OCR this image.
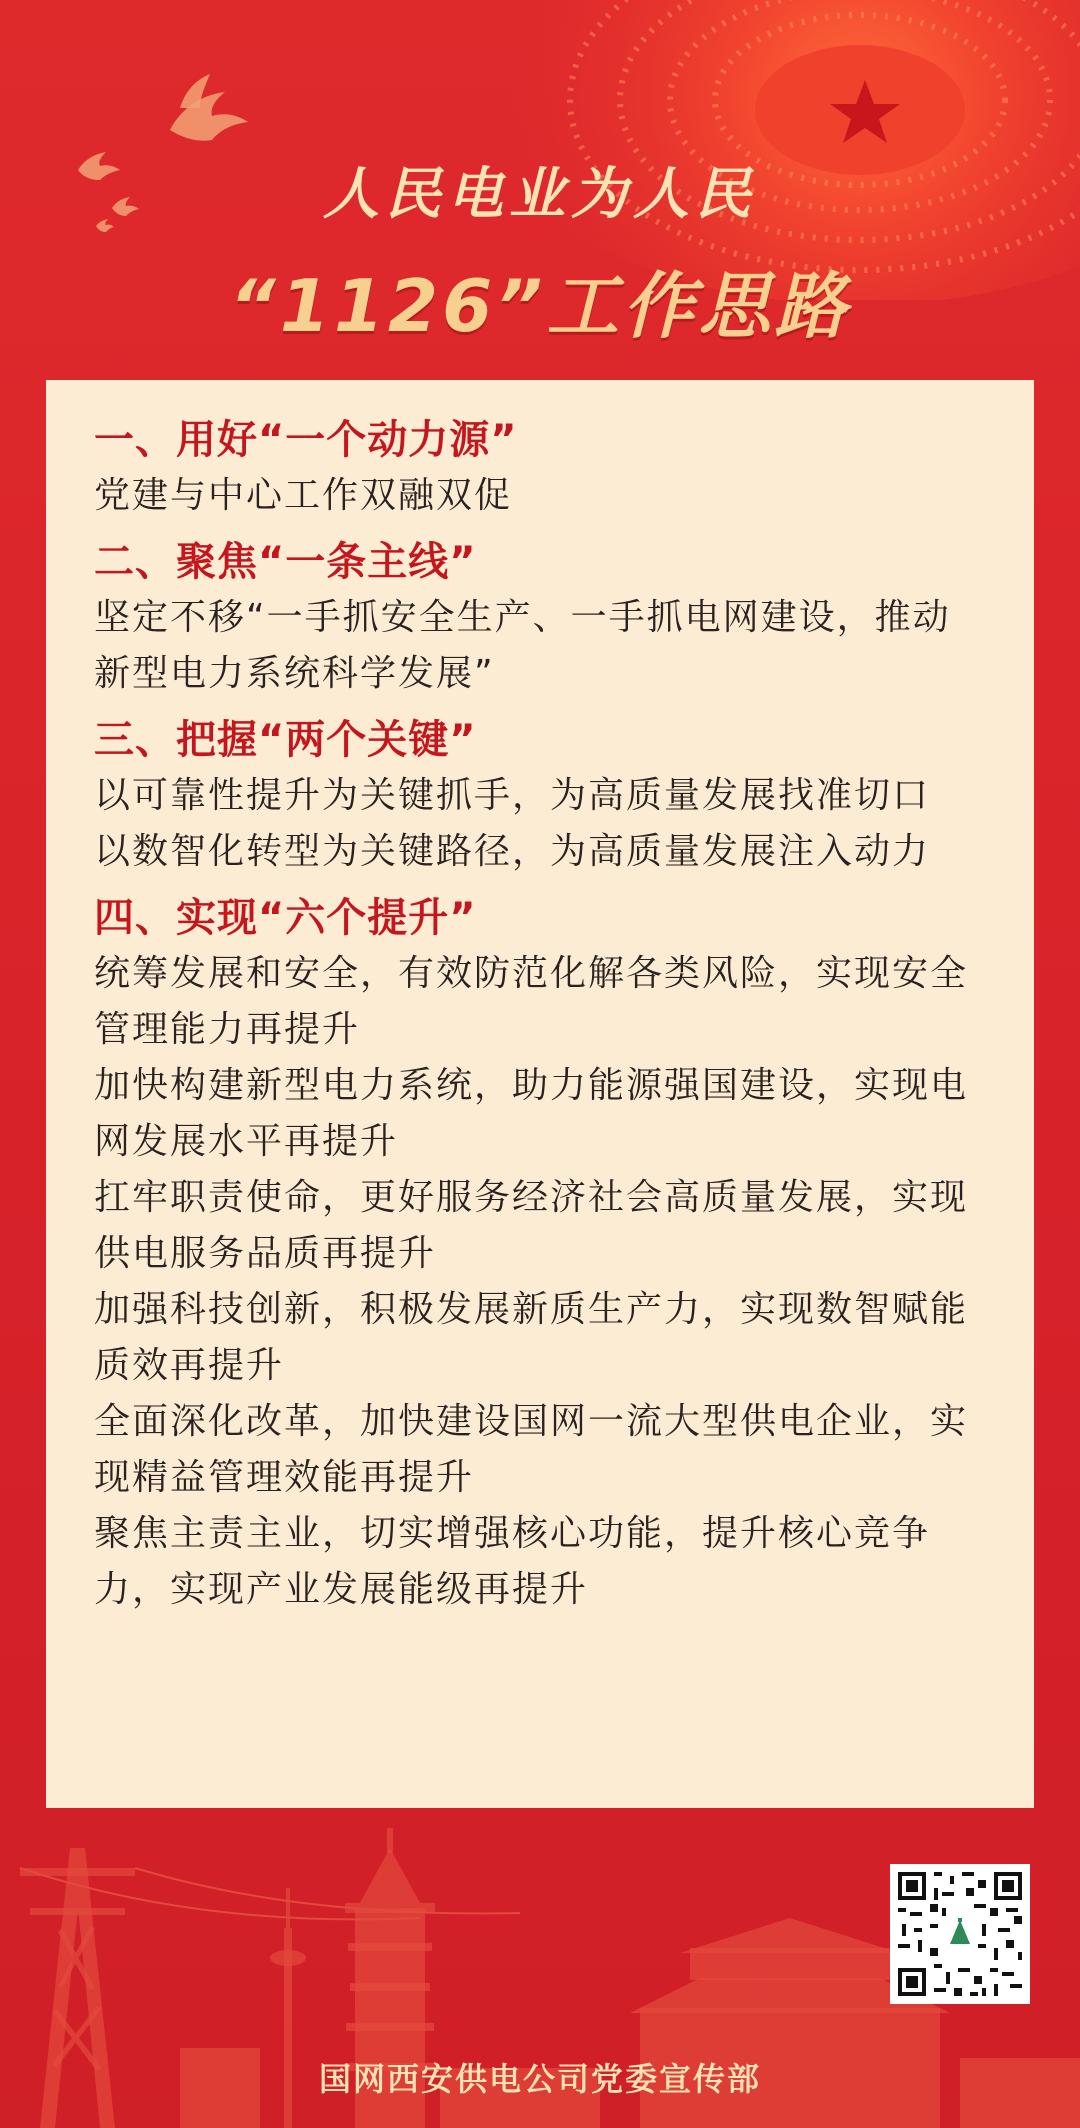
人民电业为人民
“1126”工作思路

一、用好“一个动力源”

党建与中心工作双融双促

二、聚焦“一条主线”

坚定不移“一手抓安全生产、一手抓电网建设，推动新型电力系统科学发展”

三、把握“两个关键”

以可靠性提升为关键抓手，为高质量发展找准切口

以数智化转型为关键路径，为高质量发展注入动力

四、实现“六个提升”

统筹发展和安全，有效防范化解各类风险，实现安全管理能力再提升

加快构建新型电力系统，助力能源强国建设，实现电网发展水平再提升

扛牢职责使命，更好服务经济社会高质量发展，实现供电服务品质再提升

加强科技创新，积极发展新质生产力，实现数智赋能质效再提升

全面深化改革，加快建设国网一流大型供电企业，实现精益管理效能再提升

聚焦主责主业，切实增强核心功能，提升核心竞争力，实现产业发展能级再提升

国网西安供电公司党委宣传部
